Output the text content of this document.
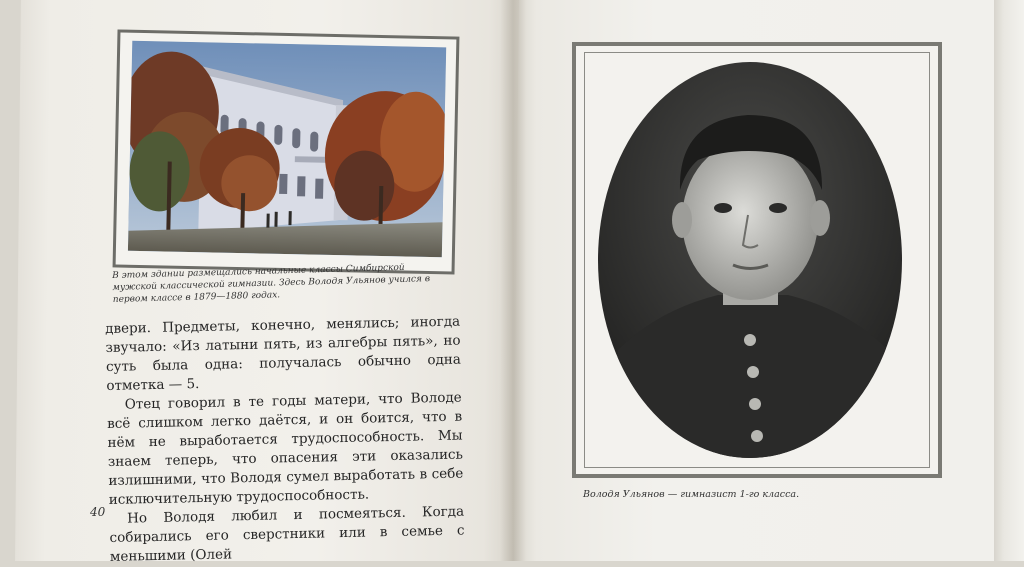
В этом здании размещались начальные классы Симбирской мужской классической гимназии. Здесь Володя Ульянов учился в первом классе в 1879—1880 годах.

двери. Предметы, конечно, менялись; иногда звучало: «Из латыни пять, из алгебры пять», но суть была одна: получалась обычно одна отметка — 5.

Отец говорил в те годы матери, что Володе всё слишком легко даётся, и он боится, что в нём не выработается трудоспособность. Мы знаем теперь, что опасения эти оказались излишними, что Володя сумел выработать в себе исключительную трудоспособность.

Но Володя любил и посмеяться. Когда собирались его сверстники или в семье с меньшими (Олей

40
Володя Ульянов — гимназист 1-го класса.
